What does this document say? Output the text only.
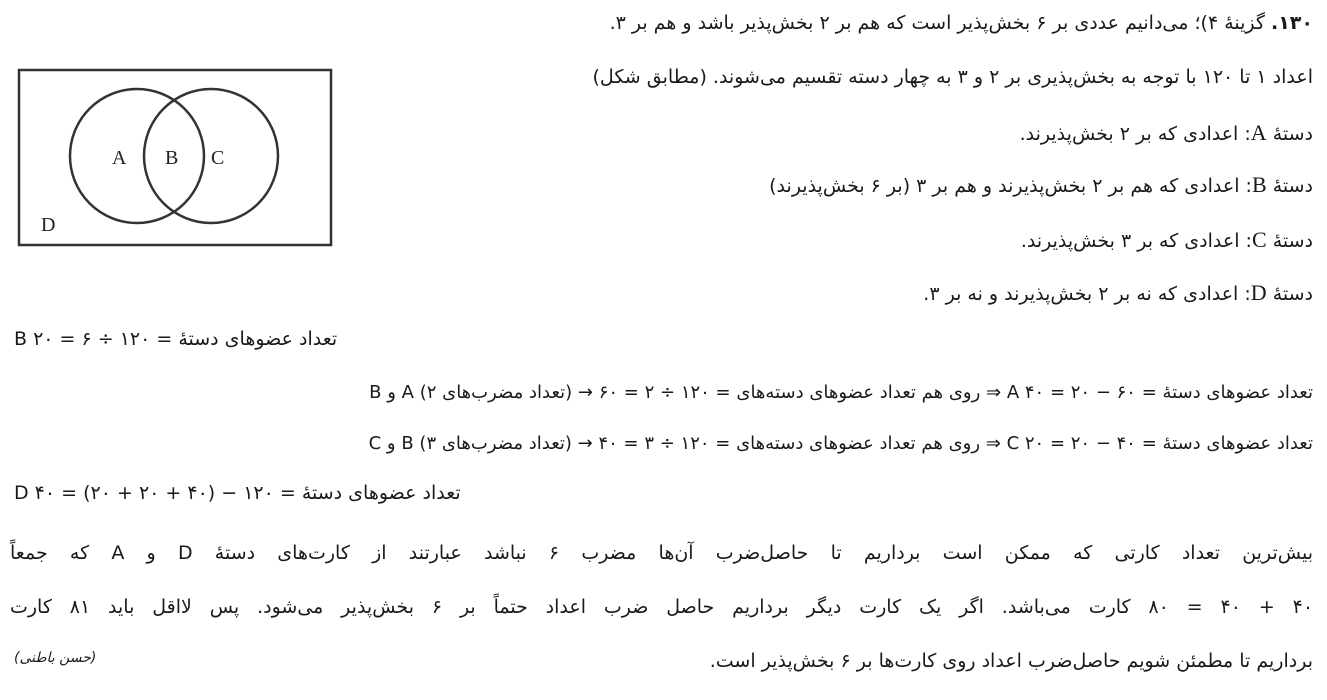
A B C
D
۱۳۰. گزینهٔ ۴)؛ می‌دانیم عددی بر ۶ بخش‌پذیر است که هم بر ۲ بخش‌پذیر باشد و هم بر ۳.
اعداد ۱ تا ۱۲۰ با توجه به بخش‌پذیری بر ۲ و ۳ به چهار دسته تقسیم می‌شوند. (مطابق شکل)
دستهٔ A: اعدادی که بر ۲ بخش‌پذیرند.
دستهٔ B: اعدادی که هم بر ۲ بخش‌پذیرند و هم بر ۳ (بر ۶ بخش‌پذیرند)
دستهٔ C: اعدادی که بر ۳ بخش‌پذیرند.
دستهٔ D: اعدادی که نه بر ۲ بخش‌پذیرند و نه بر ۳.
B تعداد عضوهای دستهٔ = ۱۲۰ ÷ ۶ = ۲۰
B و A روی هم تعداد عضوهای دسته‌های = ۱۲۰ ÷ ۲ = ۶۰ → (تعداد مضرب‌های ۲) ⇒ A تعداد عضوهای دستهٔ = ۶۰ − ۲۰ = ۴۰
C و B روی هم تعداد عضوهای دسته‌های = ۱۲۰ ÷ ۳ = ۴۰ → (تعداد مضرب‌های ۳) ⇒ C تعداد عضوهای دستهٔ = ۴۰ − ۲۰ = ۲۰
D تعداد عضوهای دستهٔ = ۱۲۰ − (۴۰ + ۲۰ + ۲۰) = ۴۰
بیش‌ترین تعداد کارتی که ممکن است برداریم تا حاصل‌ضرب آن‌ها مضرب ۶ نباشد عبارتند از کارت‌های دستهٔ D و A که جمعاً
۴۰ + ۴۰ = ۸۰ کارت می‌باشد. اگر یک کارت دیگر برداریم حاصل ضرب اعداد حتماً بر ۶ بخش‌پذیر می‌شود. پس لااقل باید ۸۱ کارت
برداریم تا مطمئن شویم حاصل‌ضرب اعداد روی کارت‌ها بر ۶ بخش‌پذیر است.
(حسن باطنی)
